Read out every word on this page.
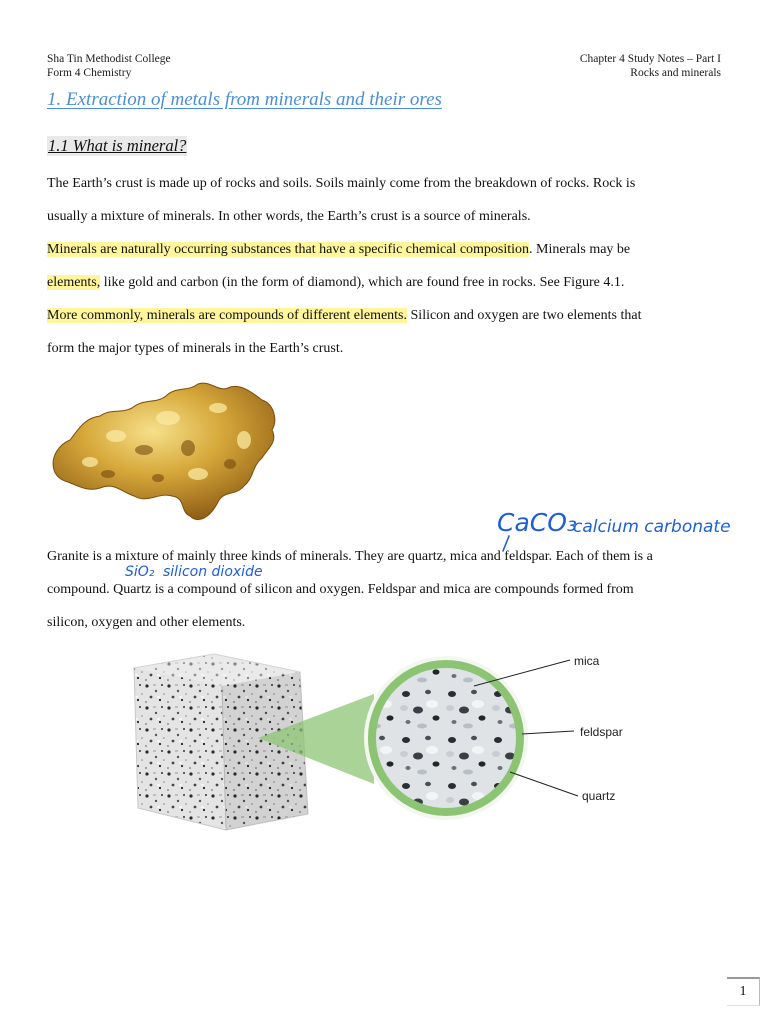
Sha Tin Methodist College
Form 4 Chemistry
Chapter 4 Study Notes – Part I
Rocks and minerals
1. Extraction of metals from minerals and their ores
1.1 What is mineral?
The Earth’s crust is made up of rocks and soils. Soils mainly come from the breakdown of rocks. Rock is
usually a mixture of minerals. In other words, the Earth’s crust is a source of minerals.
Minerals are naturally occurring substances that have a specific chemical composition. Minerals may be
elements, like gold and carbon (in the form of diamond), which are found free in rocks. See Figure 4.1.
More commonly, minerals are compounds of different elements. Silicon and oxygen are two elements that
form the major types of minerals in the Earth’s crust.
CaCO₃
calcium carbonate
SiO₂ silicon dioxide
Granite is a mixture of mainly three kinds of minerals. They are quartz, mica and feldspar. Each of them is a
compound. Quartz is a compound of silicon and oxygen. Feldspar and mica are compounds formed from
silicon, oxygen and other elements.
mica
feldspar
quartz
1
